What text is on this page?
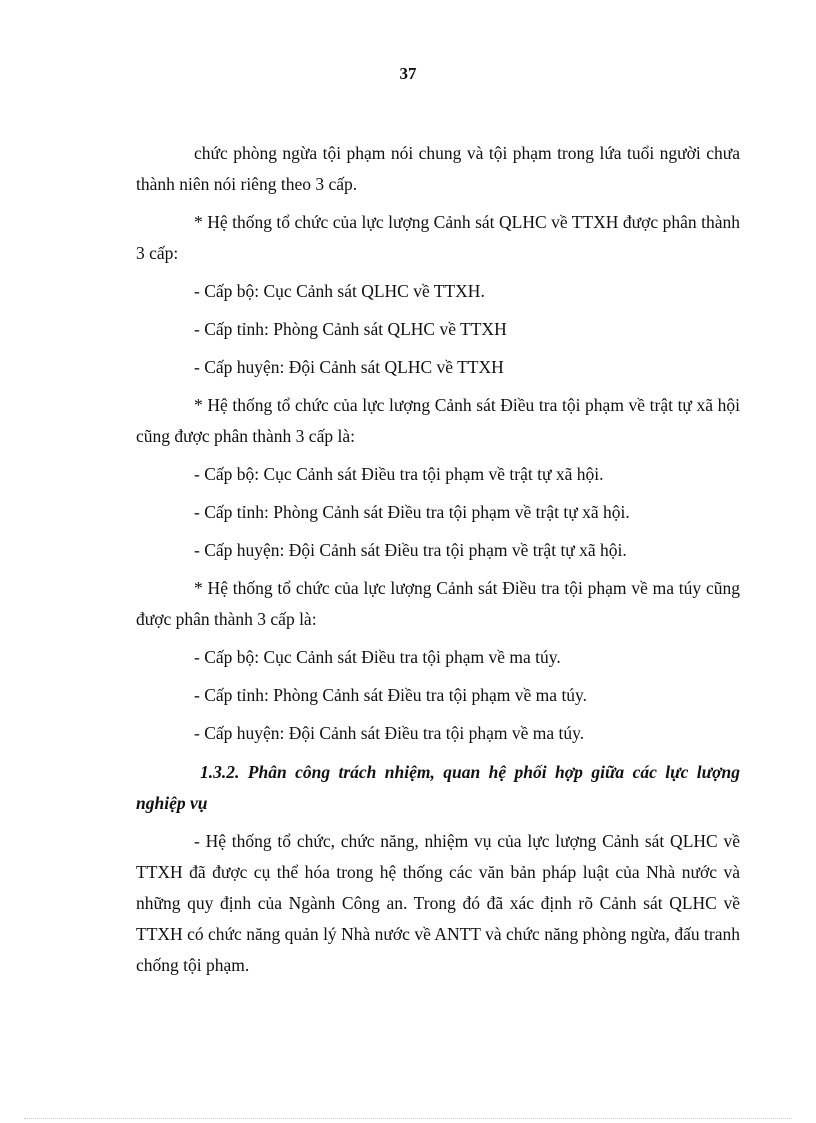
37

chức phòng ngừa tội phạm nói chung và tội phạm trong lứa tuổi người chưa thành niên nói riêng theo 3 cấp.

* Hệ thống tổ chức của lực lượng Cảnh sát QLHC về TTXH được phân thành 3 cấp:

- Cấp bộ: Cục Cảnh sát QLHC về TTXH.

- Cấp tỉnh: Phòng Cảnh sát QLHC về TTXH

- Cấp huyện: Đội Cảnh sát QLHC về TTXH

* Hệ thống tổ chức của lực lượng Cảnh sát Điều tra tội phạm về trật tự xã hội cũng được phân thành 3 cấp là:

- Cấp bộ: Cục Cảnh sát Điều tra tội phạm về trật tự xã hội.

- Cấp tỉnh: Phòng Cảnh sát Điều tra tội phạm về trật tự xã hội.

- Cấp huyện: Đội Cảnh sát Điều tra tội phạm về trật tự xã hội.

* Hệ thống tổ chức của lực lượng Cảnh sát Điều tra tội phạm về ma túy cũng được phân thành 3 cấp là:

- Cấp bộ: Cục Cảnh sát Điều tra tội phạm về ma túy.

- Cấp tỉnh: Phòng Cảnh sát Điều tra tội phạm về ma túy.

- Cấp huyện: Đội Cảnh sát Điều tra tội phạm về ma túy.

1.3.2. Phân công trách nhiệm, quan hệ phối hợp giữa các lực lượng nghiệp vụ

- Hệ thống tổ chức, chức năng, nhiệm vụ của lực lượng Cảnh sát QLHC về TTXH đã được cụ thể hóa trong hệ thống các văn bản pháp luật của Nhà nước và những quy định của Ngành Công an. Trong đó đã xác định rõ Cảnh sát QLHC về TTXH có chức năng quản lý Nhà nước về ANTT và chức năng phòng ngừa, đấu tranh chống tội phạm.
